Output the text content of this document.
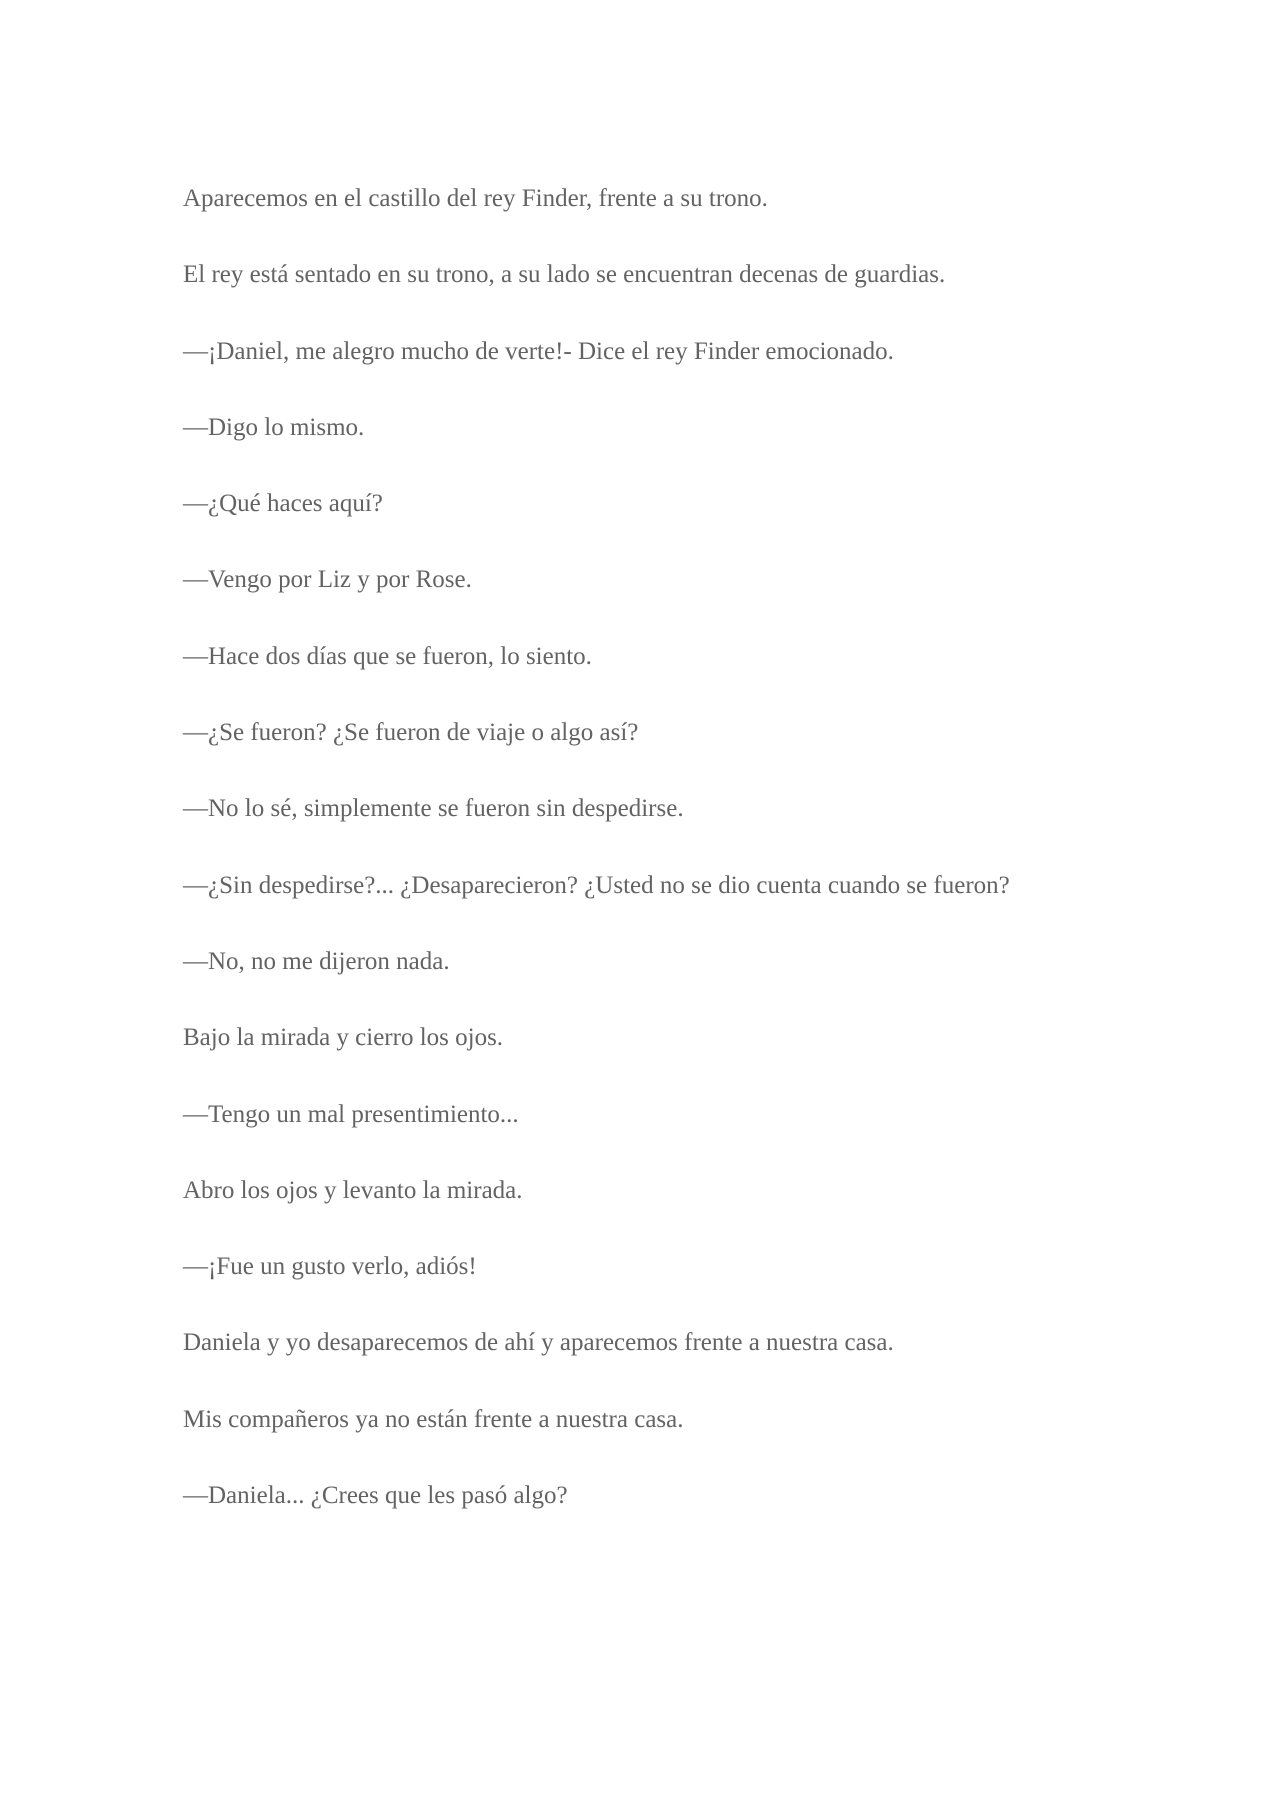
Aparecemos en el castillo del rey Finder, frente a su trono.

El rey está sentado en su trono, a su lado se encuentran decenas de guardias.

—¡Daniel, me alegro mucho de verte!- Dice el rey Finder emocionado.

—Digo lo mismo.

—¿Qué haces aquí?

—Vengo por Liz y por Rose.

—Hace dos días que se fueron, lo siento.

—¿Se fueron? ¿Se fueron de viaje o algo así?

—No lo sé, simplemente se fueron sin despedirse.

—¿Sin despedirse?... ¿Desaparecieron? ¿Usted no se dio cuenta cuando se fueron?

—No, no me dijeron nada.

Bajo la mirada y cierro los ojos.

—Tengo un mal presentimiento...

Abro los ojos y levanto la mirada.

—¡Fue un gusto verlo, adiós!

Daniela y yo desaparecemos de ahí y aparecemos frente a nuestra casa.

Mis compañeros ya no están frente a nuestra casa.

—Daniela... ¿Crees que les pasó algo?
